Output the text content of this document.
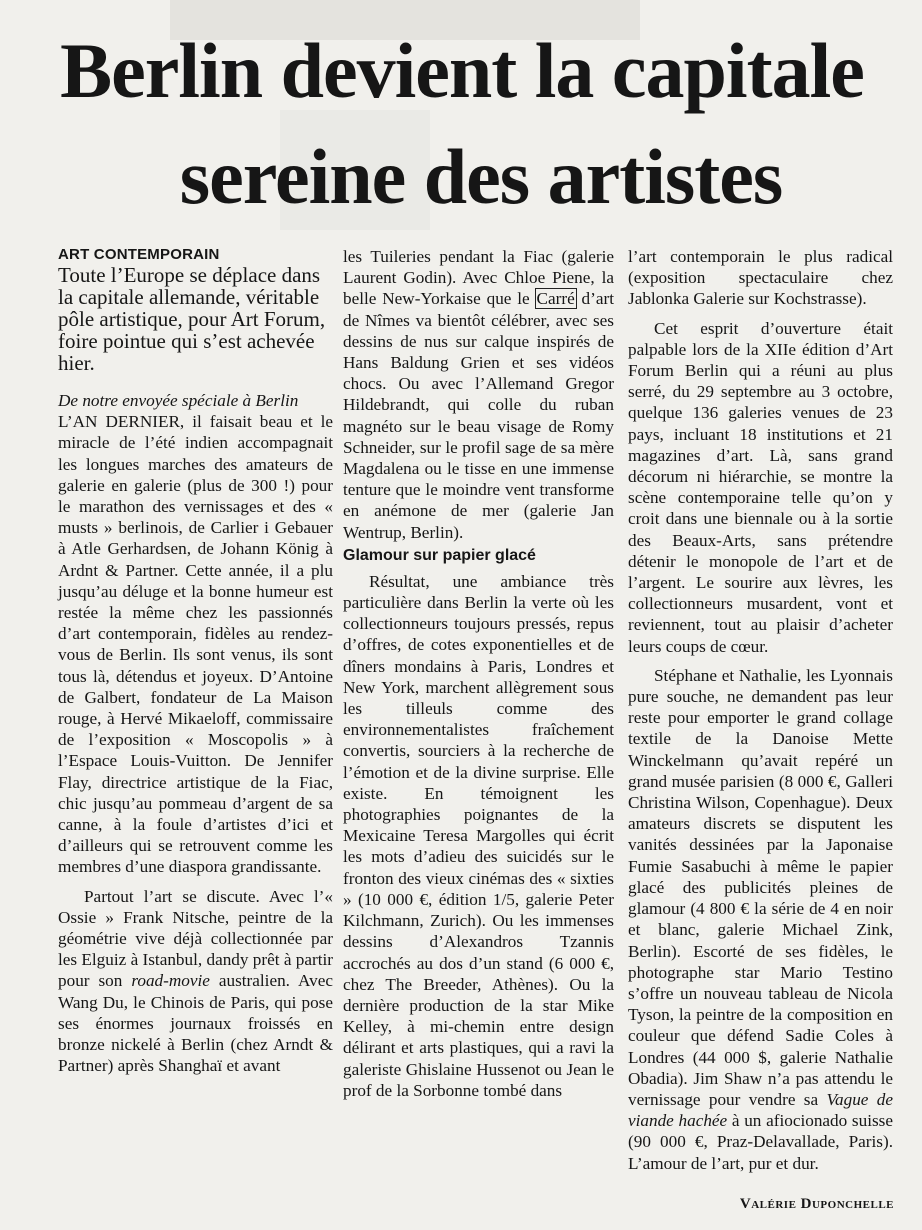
Berlin devient la capitale
sereine des artistes
ART CONTEMPORAIN

Toute l’Europe se déplace dans la capitale allemande, véritable pôle artistique, pour Art Forum, foire pointue qui s’est achevée hier.

De notre envoyée spéciale à Berlin

L’AN DERNIER, il faisait beau et le miracle de l’été indien accompagnait les longues marches des amateurs de galerie en galerie (plus de 300 !) pour le marathon des vernissages et des « musts » berlinois, de Carlier i Gebauer à Atle Gerhardsen, de Johann König à Ardnt & Partner. Cette année, il a plu jusqu’au déluge et la bonne humeur est restée la même chez les passionnés d’art contemporain, fidèles au rendez-vous de Berlin. Ils sont venus, ils sont tous là, détendus et joyeux. D’Antoine de Galbert, fondateur de La Maison rouge, à Hervé Mikaeloff, commissaire de l’exposition « Moscopolis » à l’Espace Louis-Vuitton. De Jennifer Flay, directrice artistique de la Fiac, chic jusqu’au pommeau d’argent de sa canne, à la foule d’artistes d’ici et d’ailleurs qui se retrouvent comme les membres d’une diaspora grandissante.

Partout l’art se discute. Avec l’« Ossie » Frank Nitsche, peintre de la géométrie vive déjà collectionnée par les Elguiz à Istanbul, dandy prêt à partir pour son road-movie australien. Avec Wang Du, le Chinois de Paris, qui pose ses énormes journaux froissés en bronze nickelé à Berlin (chez Arndt & Partner) après Shanghaï et avant

les Tuileries pendant la Fiac (galerie Laurent Godin). Avec Chloe Piene, la belle New-Yorkaise que le Carré d’art de Nîmes va bientôt célébrer, avec ses dessins de nus sur calque inspirés de Hans Baldung Grien et ses vidéos chocs. Ou avec l’Allemand Gregor Hildebrandt, qui colle du ruban magnéto sur le beau visage de Romy Schneider, sur le profil sage de sa mère Magdalena ou le tisse en une immense tenture que le moindre vent transforme en anémone de mer (galerie Jan Wentrup, Berlin).

Glamour sur papier glacé

Résultat, une ambiance très particulière dans Berlin la verte où les collectionneurs toujours pressés, repus d’offres, de cotes exponentielles et de dîners mondains à Paris, Londres et New York, marchent allègrement sous les tilleuls comme des environnementalistes fraîchement convertis, sourciers à la recherche de l’émotion et de la divine surprise. Elle existe. En témoignent les photographies poignantes de la Mexicaine Teresa Margolles qui écrit les mots d’adieu des suicidés sur le fronton des vieux cinémas des « sixties » (10 000 €, édition 1/5, galerie Peter Kilchmann, Zurich). Ou les immenses dessins d’Alexandros Tzannis accrochés au dos d’un stand (6 000 €, chez The Breeder, Athènes). Ou la dernière production de la star Mike Kelley, à mi-chemin entre design délirant et arts plastiques, qui a ravi la galeriste Ghislaine Hussenot ou Jean le prof de la Sorbonne tombé dans

l’art contemporain le plus radical (exposition spectaculaire chez Jablonka Galerie sur Kochstrasse).

Cet esprit d’ouverture était palpable lors de la XIIe édition d’Art Forum Berlin qui a réuni au plus serré, du 29 septembre au 3 octobre, quelque 136 galeries venues de 23 pays, incluant 18 institutions et 21 magazines d’art. Là, sans grand décorum ni hiérarchie, se montre la scène contemporaine telle qu’on y croit dans une biennale ou à la sortie des Beaux-Arts, sans prétendre détenir le monopole de l’art et de l’argent. Le sourire aux lèvres, les collectionneurs musardent, vont et reviennent, tout au plaisir d’acheter leurs coups de cœur.

Stéphane et Nathalie, les Lyonnais pure souche, ne demandent pas leur reste pour emporter le grand collage textile de la Danoise Mette Winckelmann qu’avait repéré un grand musée parisien (8 000 €, Galleri Christina Wilson, Copenhague). Deux amateurs discrets se disputent les vanités dessinées par la Japonaise Fumie Sasabuchi à même le papier glacé des publicités pleines de glamour (4 800 € la série de 4 en noir et blanc, galerie Michael Zink, Berlin). Escorté de ses fidèles, le photographe star Mario Testino s’offre un nouveau tableau de Nicola Tyson, la peintre de la composition en couleur que défend Sadie Coles à Londres (44 000 $, galerie Nathalie Obadia). Jim Shaw n’a pas attendu le vernissage pour vendre sa Vague de viande hachée à un afiocionado suisse (90 000 €, Praz-Delavallade, Paris). L’amour de l’art, pur et dur.

Valérie Duponchelle
